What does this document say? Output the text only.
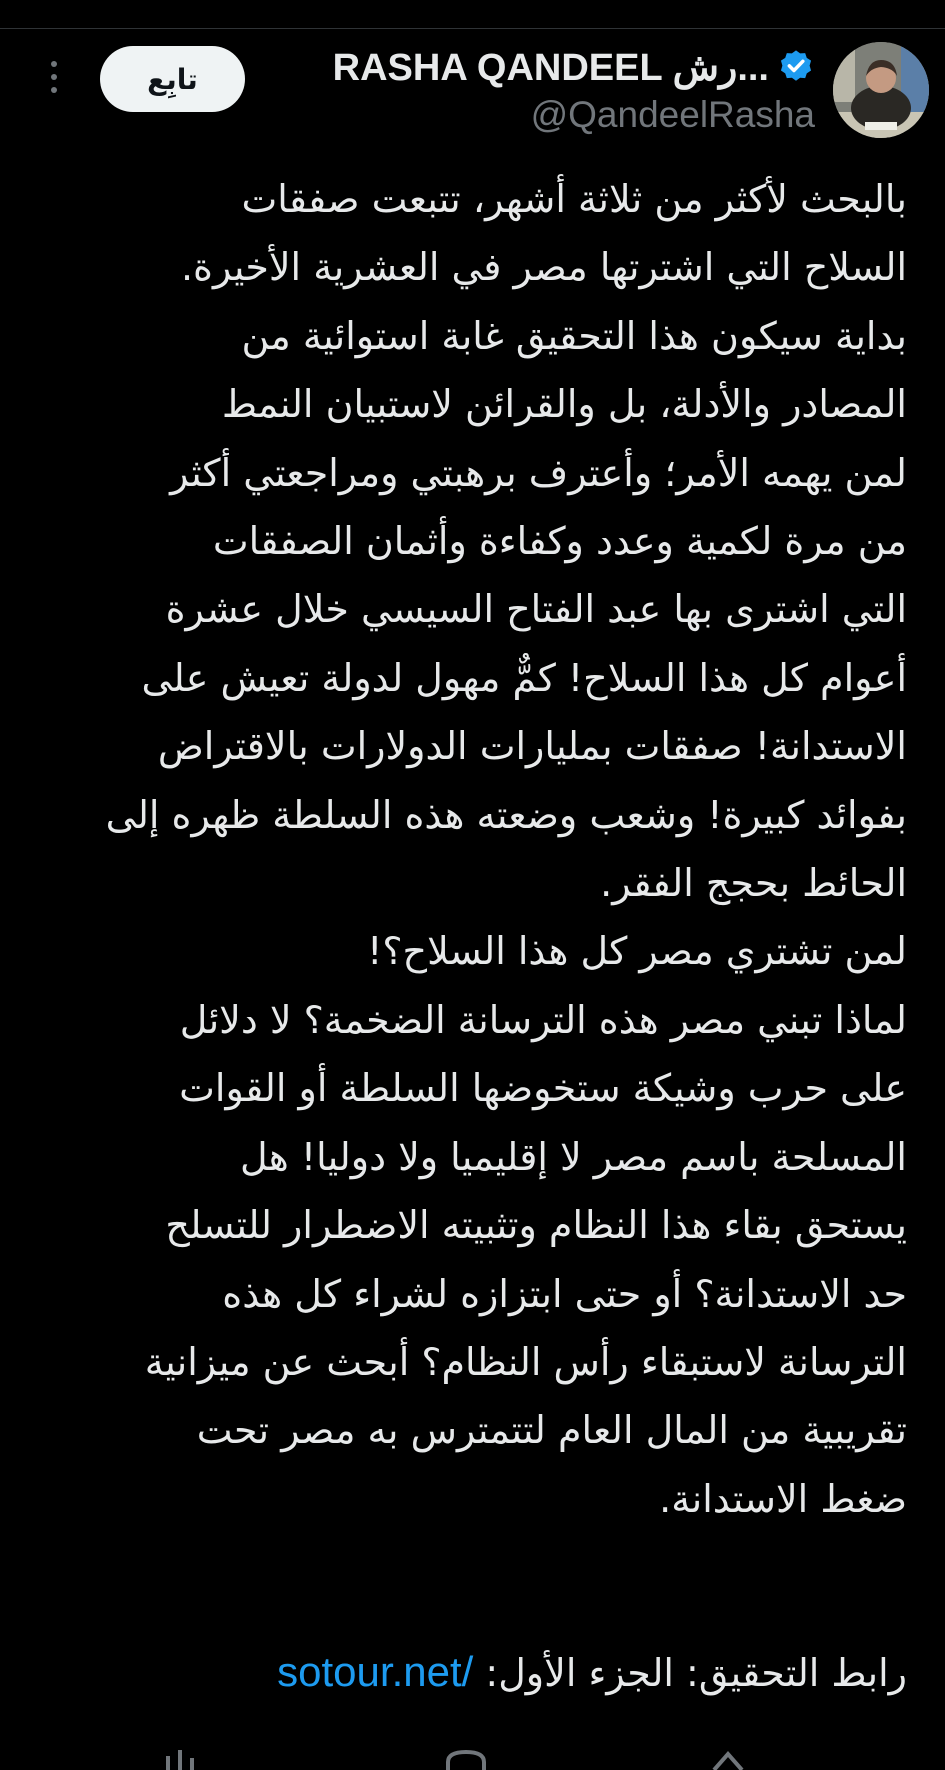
RASHA QANDEEL رش...
@QandeelRasha
تابِع

بالبحث لأكثر من ثلاثة أشهر، تتبعت صفقات
السلاح التي اشترتها مصر في العشرية الأخيرة.
بداية سيكون هذا التحقيق غابة استوائية من
المصادر والأدلة، بل والقرائن لاستبيان النمط
لمن يهمه الأمر؛ وأعترف برهبتي ومراجعتي أكثر
من مرة لكمية وعدد وكفاءة وأثمان الصفقات
التي اشترى بها عبد الفتاح السيسي خلال عشرة
أعوام كل هذا السلاح! كمٌّ مهول لدولة تعيش على
الاستدانة! صفقات بمليارات الدولارات بالاقتراض
بفوائد كبيرة! وشعب وضعته هذه السلطة ظهره إلى
الحائط بحجج الفقر.
لمن تشتري مصر كل هذا السلاح؟!
لماذا تبني مصر هذه الترسانة الضخمة؟ لا دلائل
على حرب وشيكة ستخوضها السلطة أو القوات
المسلحة باسم مصر لا إقليميا ولا دوليا! هل
يستحق بقاء هذا النظام وتثبيته الاضطرار للتسلح
حد الاستدانة؟ أو حتى ابتزازه لشراء كل هذه
الترسانة لاستبقاء رأس النظام؟ أبحث عن ميزانية
تقريبية من المال العام لتتمترس به مصر تحت
ضغط الاستدانة.

رابط التحقيق: الجزء الأول: sotour.net/
